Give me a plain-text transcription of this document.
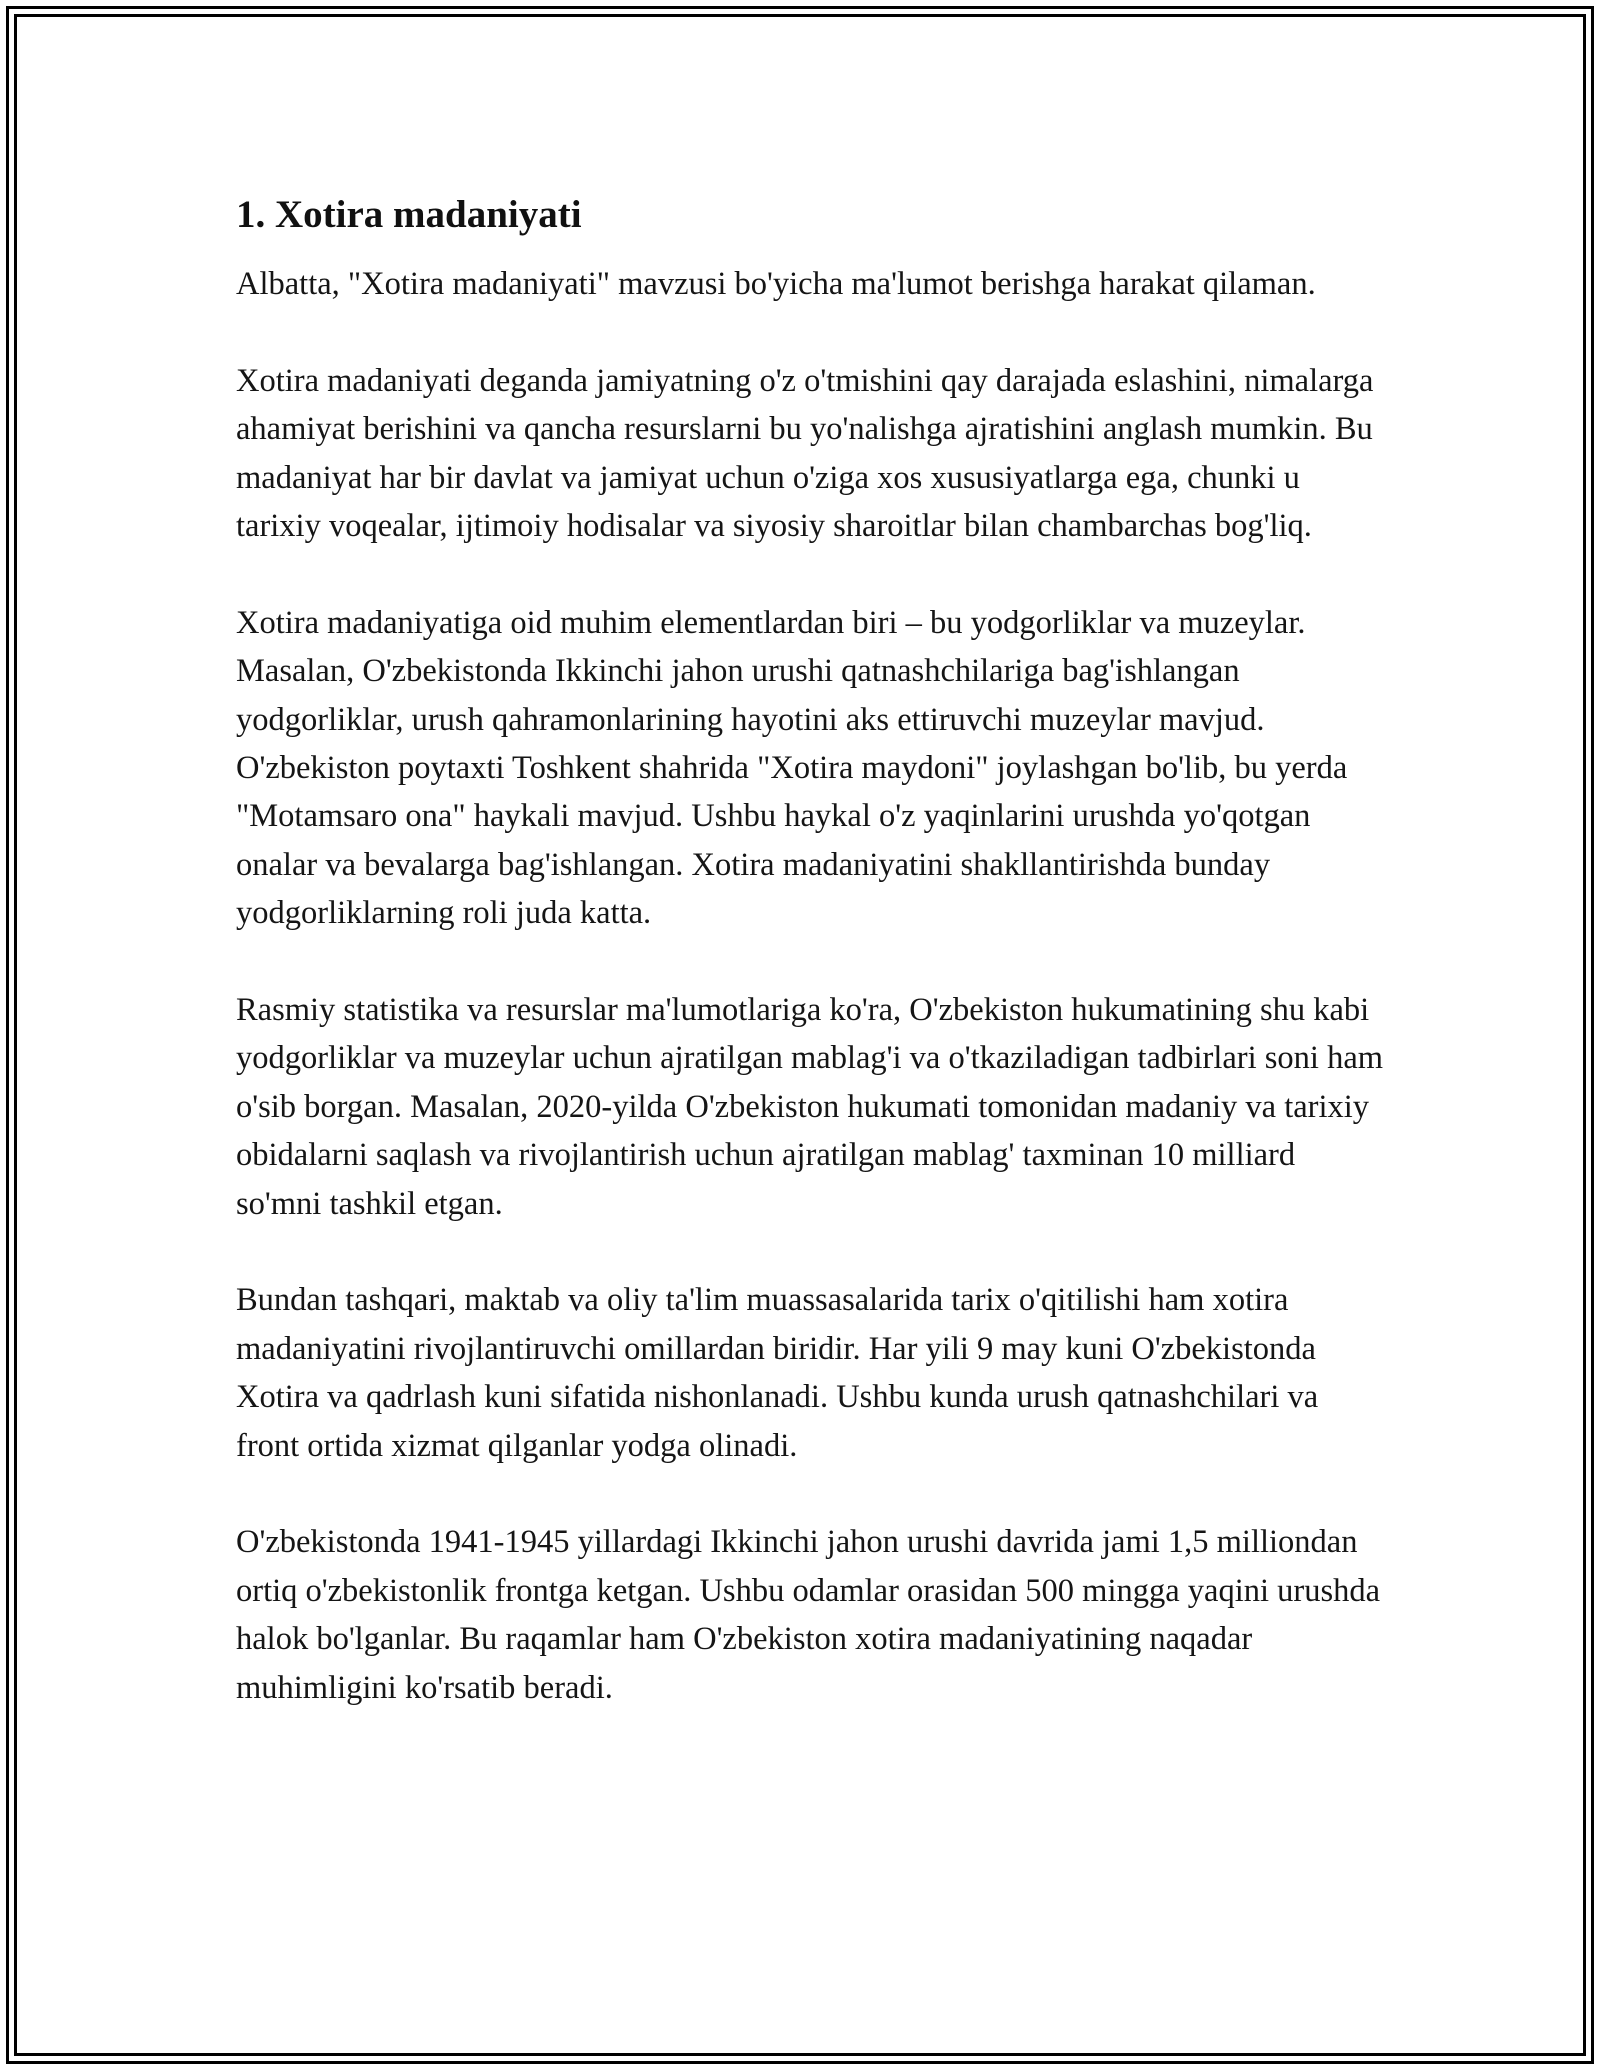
1. Xotira madaniyati

Albatta, "Xotira madaniyati" mavzusi bo'yicha ma'lumot berishga harakat qilaman.

Xotira madaniyati deganda jamiyatning o'z o'tmishini qay darajada eslashini, nimalarga ahamiyat berishini va qancha resurslarni bu yo'nalishga ajratishini anglash mumkin. Bu madaniyat har bir davlat va jamiyat uchun o'ziga xos xususiyatlarga ega, chunki u tarixiy voqealar, ijtimoiy hodisalar va siyosiy sharoitlar bilan chambarchas bog'liq.

Xotira madaniyatiga oid muhim elementlardan biri – bu yodgorliklar va muzeylar. Masalan, O'zbekistonda Ikkinchi jahon urushi qatnashchilariga bag'ishlangan yodgorliklar, urush qahramonlarining hayotini aks ettiruvchi muzeylar mavjud. O'zbekiston poytaxti Toshkent shahrida "Xotira maydoni" joylashgan bo'lib, bu yerda "Motamsaro ona" haykali mavjud. Ushbu haykal o'z yaqinlarini urushda yo'qotgan onalar va bevalarga bag'ishlangan. Xotira madaniyatini shakllantirishda bunday yodgorliklarning roli juda katta.

Rasmiy statistika va resurslar ma'lumotlariga ko'ra, O'zbekiston hukumatining shu kabi yodgorliklar va muzeylar uchun ajratilgan mablag'i va o'tkaziladigan tadbirlari soni ham o'sib borgan. Masalan, 2020-yilda O'zbekiston hukumati tomonidan madaniy va tarixiy obidalarni saqlash va rivojlantirish uchun ajratilgan mablag' taxminan 10 milliard so'mni tashkil etgan.

Bundan tashqari, maktab va oliy ta'lim muassasalarida tarix o'qitilishi ham xotira madaniyatini rivojlantiruvchi omillardan biridir. Har yili 9 may kuni O'zbekistonda Xotira va qadrlash kuni sifatida nishonlanadi. Ushbu kunda urush qatnashchilari va front ortida xizmat qilganlar yodga olinadi.

O'zbekistonda 1941-1945 yillardagi Ikkinchi jahon urushi davrida jami 1,5 milliondan ortiq o'zbekistonlik frontga ketgan. Ushbu odamlar orasidan 500 mingga yaqini urushda halok bo'lganlar. Bu raqamlar ham O'zbekiston xotira madaniyatining naqadar muhimligini ko'rsatib beradi.
